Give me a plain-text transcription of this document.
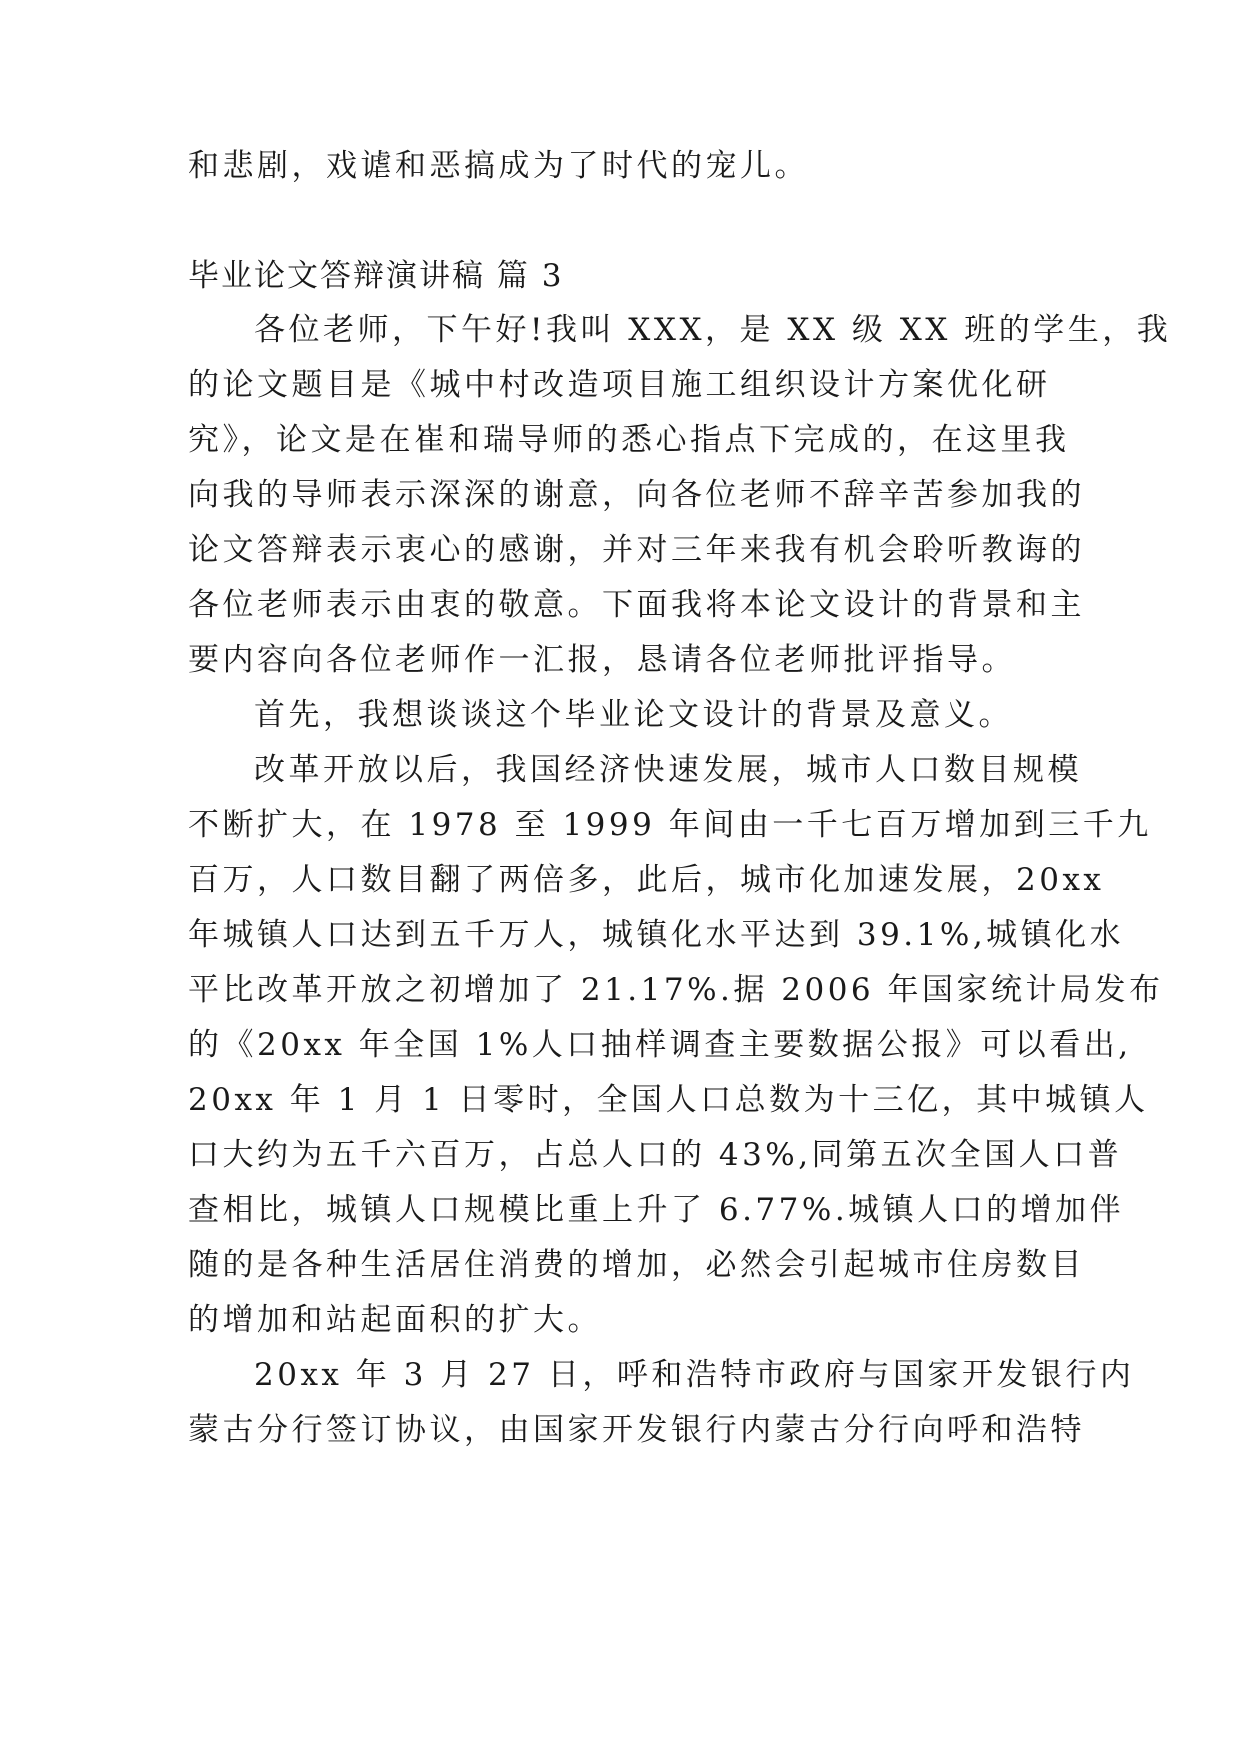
和悲剧，戏谑和恶搞成为了时代的宠儿。
毕业论文答辩演讲稿 篇 3
各位老师，下午好!我叫 XXX，是 XX 级 XX 班的学生，我
的论文题目是《城中村改造项目施工组织设计方案优化研
究》，论文是在崔和瑞导师的悉心指点下完成的，在这里我
向我的导师表示深深的谢意，向各位老师不辞辛苦参加我的
论文答辩表示衷心的感谢，并对三年来我有机会聆听教诲的
各位老师表示由衷的敬意。下面我将本论文设计的背景和主
要内容向各位老师作一汇报，恳请各位老师批评指导。
首先，我想谈谈这个毕业论文设计的背景及意义。
改革开放以后，我国经济快速发展，城市人口数目规模
不断扩大，在 1978 至 1999 年间由一千七百万增加到三千九
百万，人口数目翻了两倍多，此后，城市化加速发展，20xx
年城镇人口达到五千万人，城镇化水平达到 39.1%,城镇化水
平比改革开放之初增加了 21.17%.据 2006 年国家统计局发布
的《20xx 年全国 1%人口抽样调查主要数据公报》可以看出,
20xx 年 1 月 1 日零时，全国人口总数为十三亿，其中城镇人
口大约为五千六百万，占总人口的 43%,同第五次全国人口普
查相比，城镇人口规模比重上升了 6.77%.城镇人口的增加伴
随的是各种生活居住消费的增加，必然会引起城市住房数目
的增加和站起面积的扩大。
20xx 年 3 月 27 日，呼和浩特市政府与国家开发银行内
蒙古分行签订协议，由国家开发银行内蒙古分行向呼和浩特
